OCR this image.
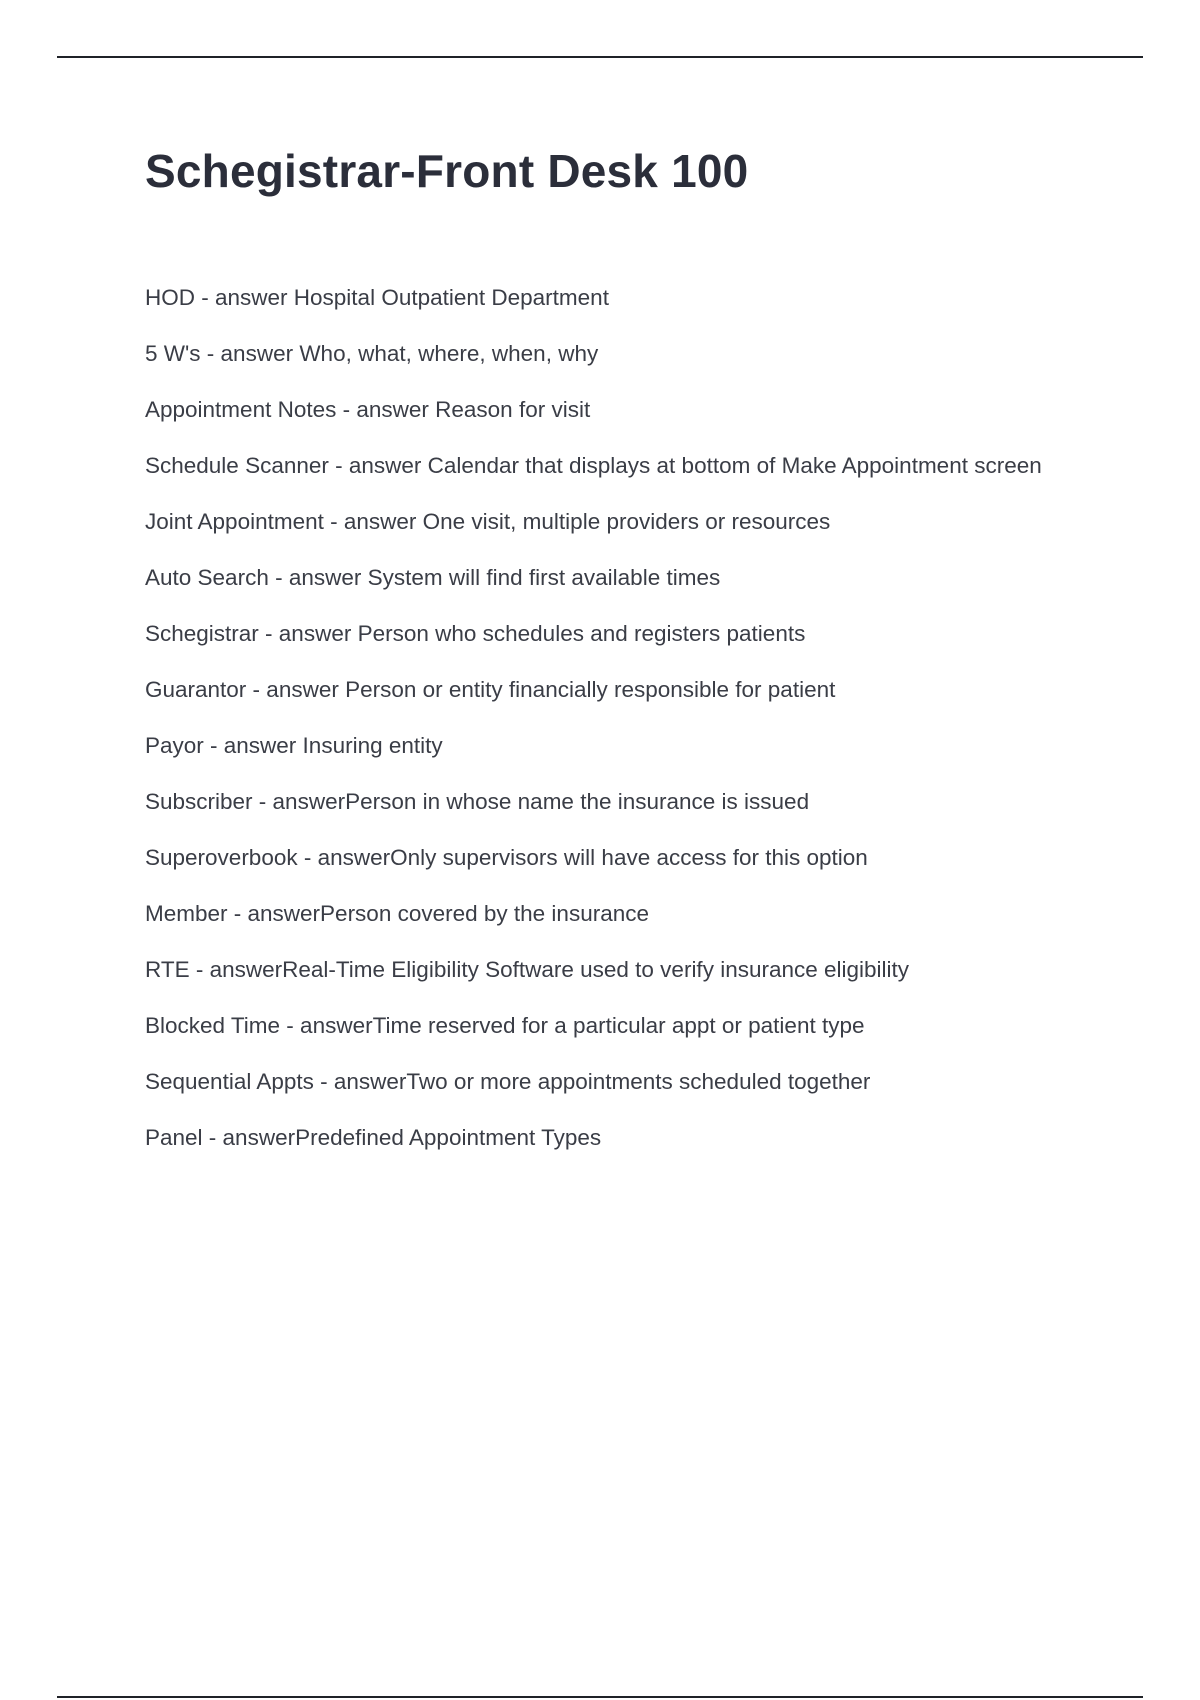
Schegistrar-Front Desk 100
HOD - answer Hospital Outpatient Department
5 W's - answer Who, what, where, when, why
Appointment Notes - answer Reason for visit
Schedule Scanner - answer Calendar that displays at bottom of Make Appointment screen
Joint Appointment - answer One visit, multiple providers or resources
Auto Search - answer System will find first available times
Schegistrar - answer Person who schedules and registers patients
Guarantor - answer Person or entity financially responsible for patient
Payor - answer Insuring entity
Subscriber - answerPerson in whose name the insurance is issued
Superoverbook - answerOnly supervisors will have access for this option
Member - answerPerson covered by the insurance
RTE - answerReal-Time Eligibility Software used to verify insurance eligibility
Blocked Time - answerTime reserved for a particular appt or patient type
Sequential Appts - answerTwo or more appointments scheduled together
Panel - answerPredefined Appointment Types
